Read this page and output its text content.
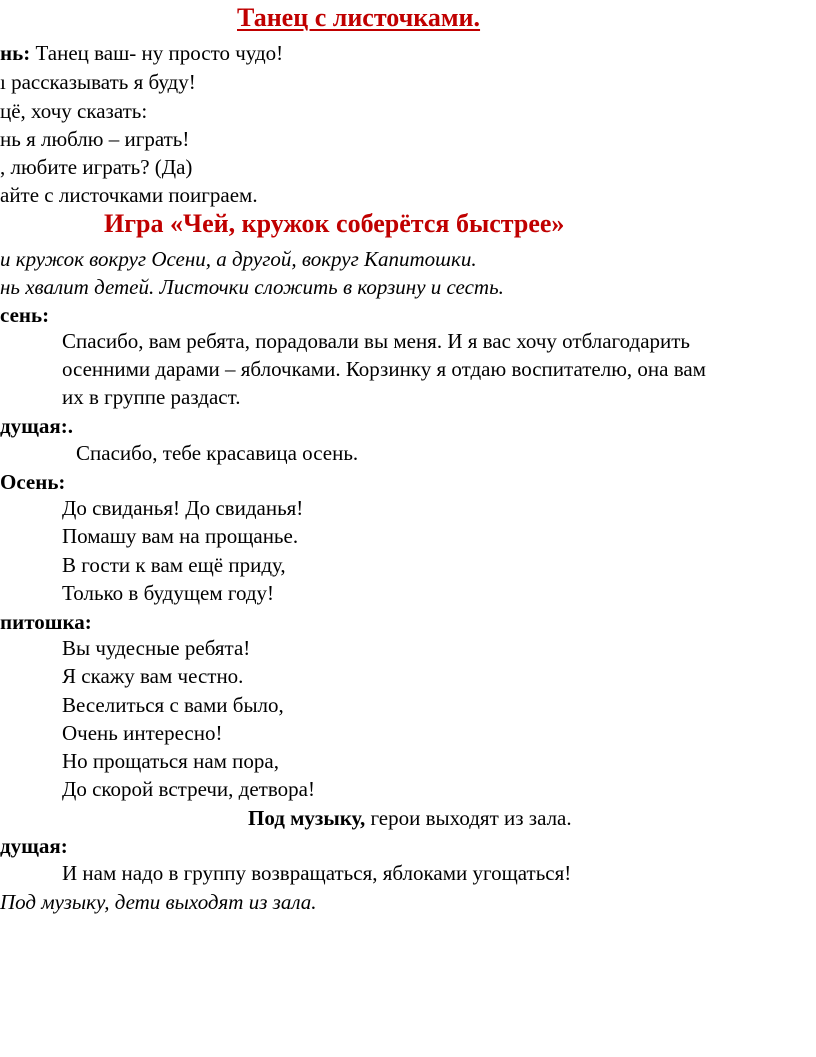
Танец с листочками.
нь: Танец ваш- ну просто чудо!
ı рассказывать я буду!
цё, хочу сказать:
нь я люблю – играть!
, любите играть? (Да)
айте с листочками поиграем.
Игра «Чей, кружок соберётся быстрее»
и кружок вокруг Осени, а другой, вокруг Капитошки.
нь хвалит детей. Листочки сложить в корзину и сесть.
сень:
Спасибо, вам ребята, порадовали вы меня. И я вас хочу отблагодарить
осенними дарами – яблочками. Корзинку я отдаю воспитателю, она вам
их в группе раздаст.
дущая:.
Спасибо, тебе красавица осень.
Осень:
До свиданья! До свиданья!
Помашу вам на прощанье.
В гости к вам ещё приду,
Только в будущем году!
питошка:
Вы чудесные ребята!
Я скажу вам честно.
Веселиться с вами было,
Очень интересно!
Но прощаться нам пора,
До скорой встречи, детвора!
Под музыку, герои выходят из зала.
дущая:
И нам надо в группу возвращаться, яблоками угощаться!
Под музыку, дети выходят из зала.
